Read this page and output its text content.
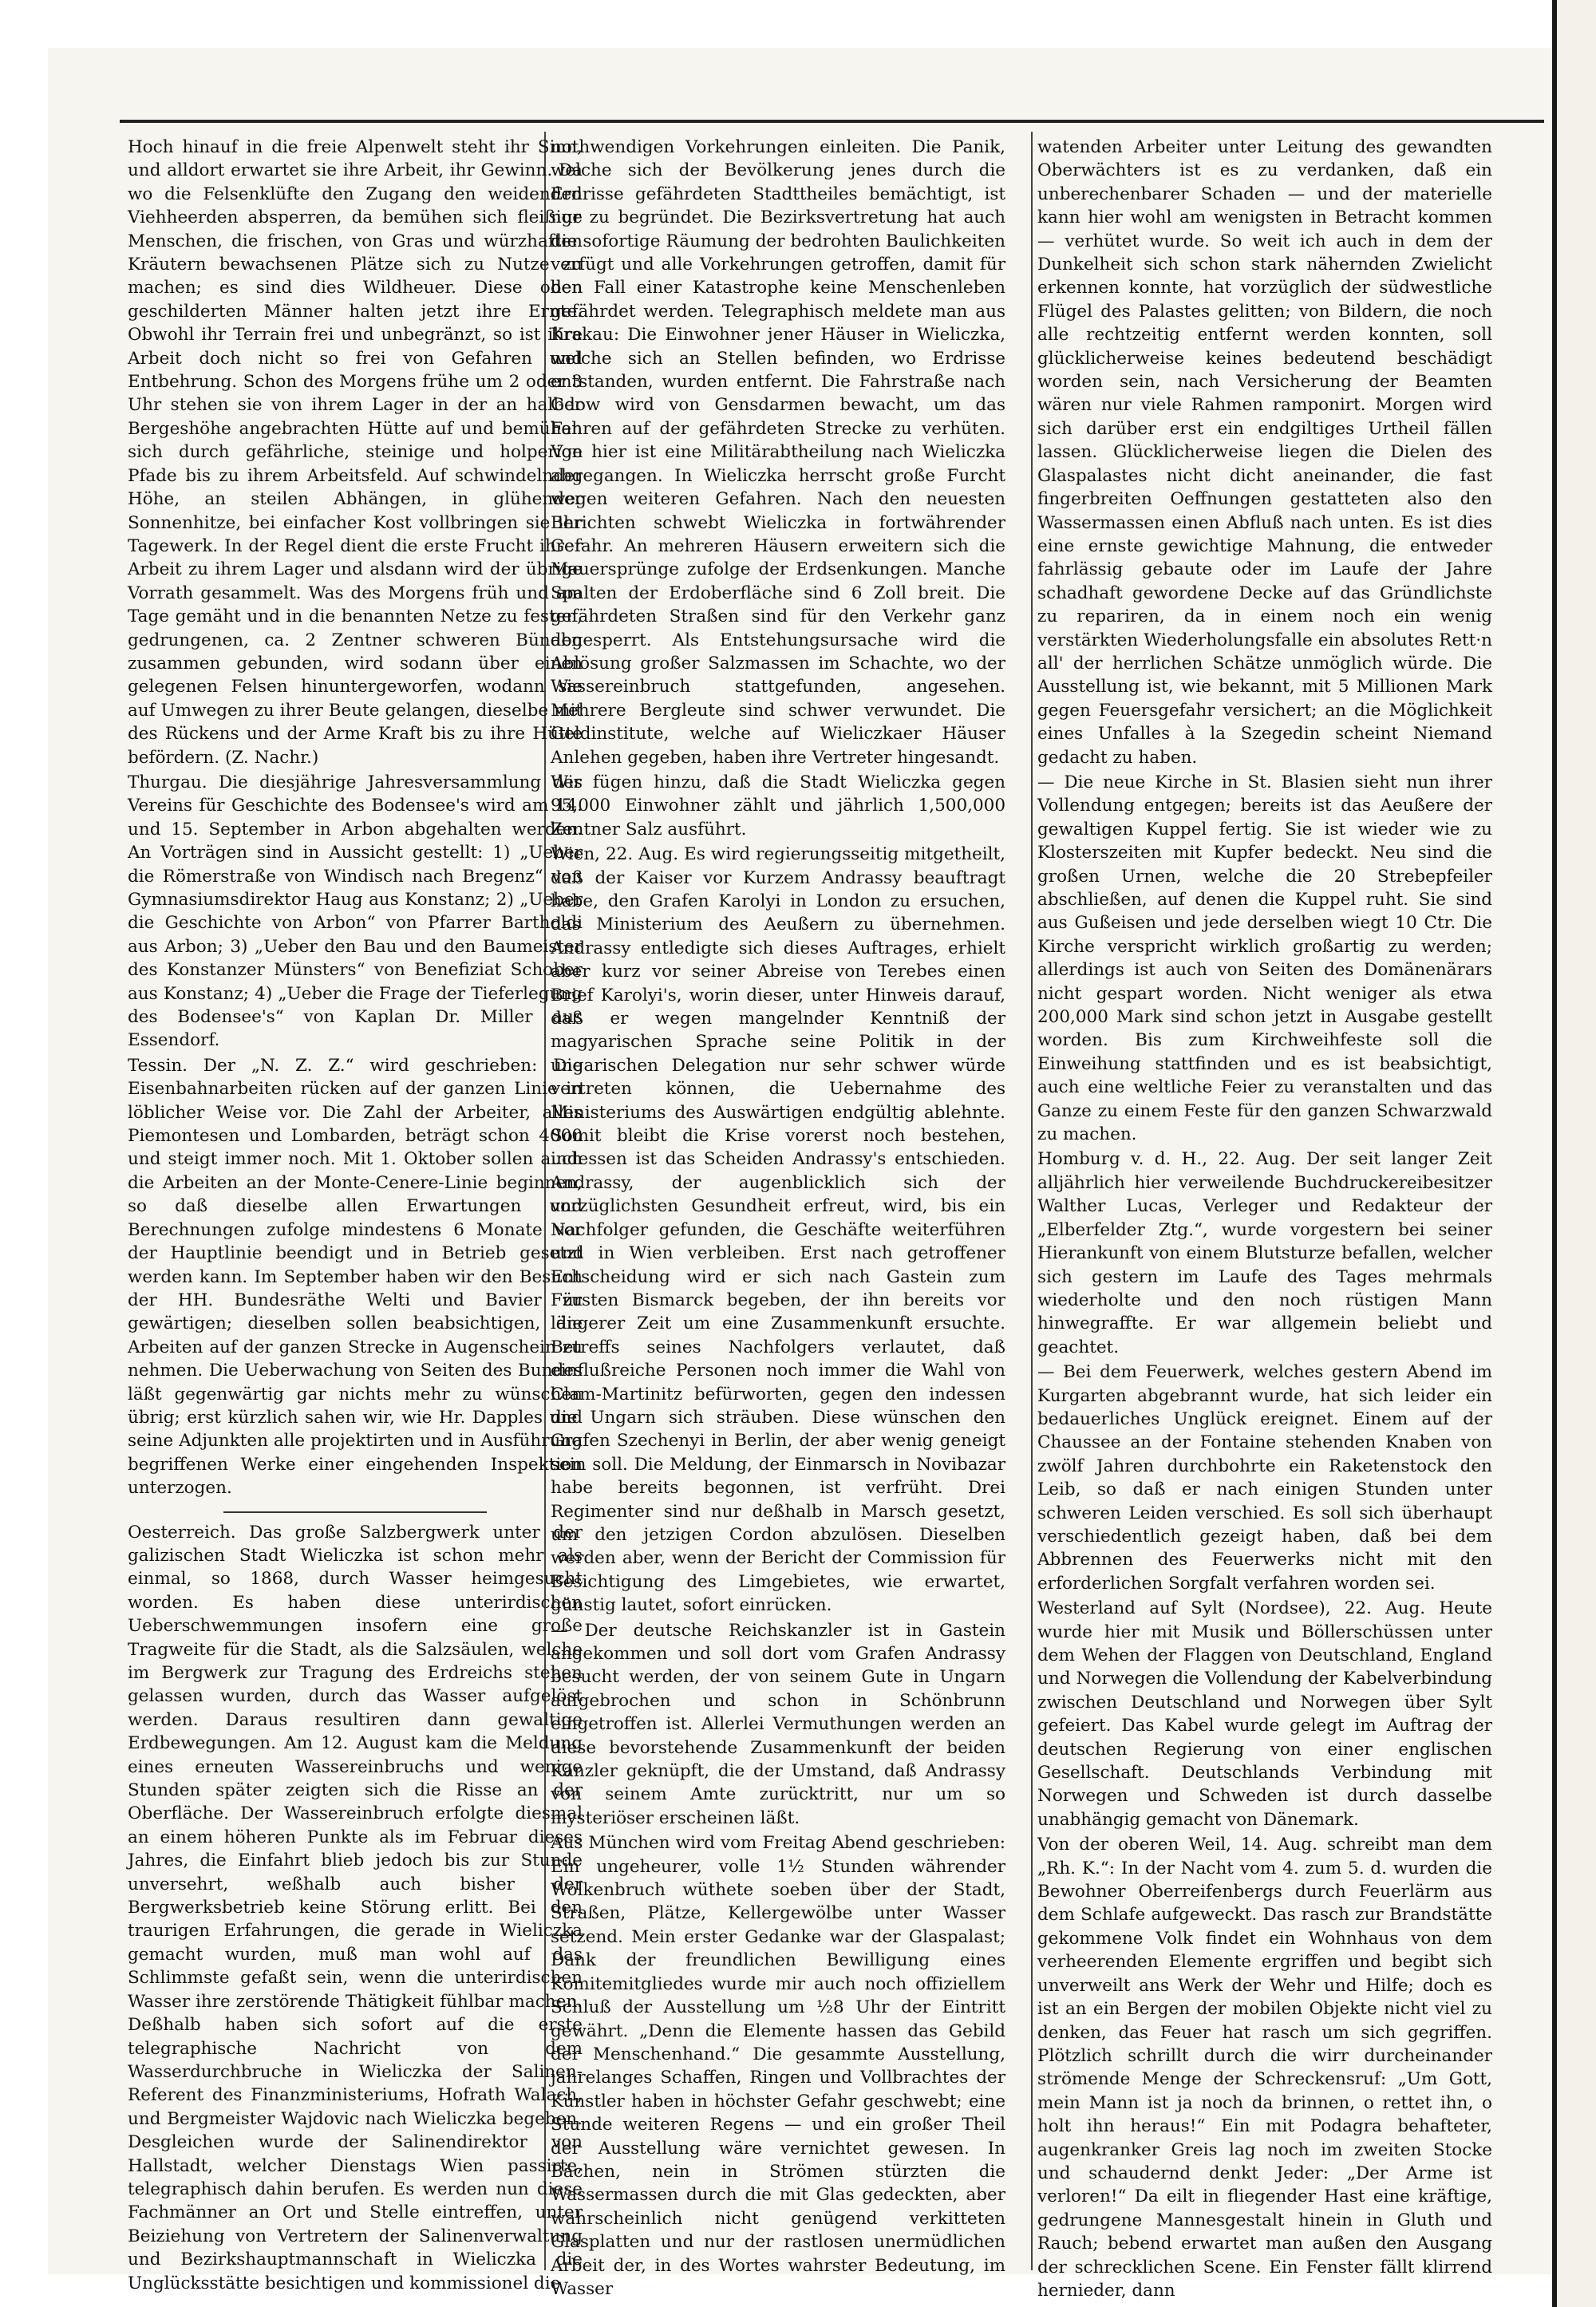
Hoch hinauf in die freie Alpenwelt steht ihr Sinn, und alldort erwartet sie ihre Arbeit, ihr Gewinn. Da wo die Felsenklüfte den Zugang den weidenden Viehheerden absperren, da bemühen sich fleißige Menschen, die frischen, von Gras und würzhaften Kräutern bewachsenen Plätze sich zu Nutze zu machen; es sind dies Wildheuer. Diese oben geschilderten Männer halten jetzt ihre Ernte. Obwohl ihr Terrain frei und unbegränzt, so ist ihre Arbeit doch nicht so frei von Gefahren und Entbehrung. Schon des Morgens frühe um 2 oder 3 Uhr stehen sie von ihrem Lager in der an halber Bergeshöhe angebrachten Hütte auf und bemühen sich durch gefährliche, steinige und holperige Pfade bis zu ihrem Arbeitsfeld. Auf schwindelnder Höhe, an steilen Abhängen, in glühender Sonnenhitze, bei einfacher Kost vollbringen sie ihr Tagewerk. In der Regel dient die erste Frucht ihrer Arbeit zu ihrem Lager und alsdann wird der übrige Vorrath gesammelt. Was des Morgens früh und am Tage gemäht und in die benannten Netze zu festen, gedrungenen, ca. 2 Zentner schweren Bünden zusammen gebunden, wird sodann über einen gelegenen Felsen hinuntergeworfen, wodann sie auf Umwegen zu ihrer Beute gelangen, dieselbe mit des Rückens und der Arme Kraft bis zu ihre Hütte befördern. (Z. Nachr.)

Thurgau. Die diesjährige Jahresversammlung des Vereins für Geschichte des Bodensee's wird am 14. und 15. September in Arbon abgehalten werden. An Vorträgen sind in Aussicht gestellt: 1) „Ueber die Römerstraße von Windisch nach Bregenz“ von Gymnasiumsdirektor Haug aus Konstanz; 2) „Ueber die Geschichte von Arbon“ von Pfarrer Bartholdi aus Arbon; 3) „Ueber den Bau und den Baumeister des Konstanzer Münsters“ von Benefiziat Schober aus Konstanz; 4) „Ueber die Frage der Tieferlegung des Bodensee's“ von Kaplan Dr. Miller aus Essendorf.

Tessin. Der „N. Z. Z.“ wird geschrieben: Die Eisenbahnarbeiten rücken auf der ganzen Linie in löblicher Weise vor. Die Zahl der Arbeiter, alles Piemontesen und Lombarden, beträgt schon 4000 und steigt immer noch. Mit 1. Oktober sollen auch die Arbeiten an der Monte-Cenere-Linie beginnen, so daß dieselbe allen Erwartungen und Berechnungen zufolge mindestens 6 Monate vor der Hauptlinie beendigt und in Betrieb gesetzt werden kann. Im September haben wir den Besuch der HH. Bundesräthe Welti und Bavier zu gewärtigen; dieselben sollen beabsichtigen, die Arbeiten auf der ganzen Strecke in Augenschein zu nehmen. Die Ueberwachung von Seiten des Bundes läßt gegenwärtig gar nichts mehr zu wünschen übrig; erst kürzlich sahen wir, wie Hr. Dapples und seine Adjunkten alle projektirten und in Ausführung begriffenen Werke einer eingehenden Inspektion unterzogen.

Oesterreich. Das große Salzbergwerk unter der galizischen Stadt Wieliczka ist schon mehr als einmal, so 1868, durch Wasser heimgesucht worden. Es haben diese unterirdischen Ueberschwemmungen insofern eine große Tragweite für die Stadt, als die Salzsäulen, welche im Bergwerk zur Tragung des Erdreichs stehen gelassen wurden, durch das Wasser aufgelöst werden. Daraus resultiren dann gewaltige Erdbewegungen. Am 12. August kam die Meldung eines erneuten Wassereinbruchs und wenige Stunden später zeigten sich die Risse an der Oberfläche. Der Wassereinbruch erfolgte diesmal an einem höheren Punkte als im Februar dieses Jahres, die Einfahrt blieb jedoch bis zur Stunde unversehrt, weßhalb auch bisher der Bergwerksbetrieb keine Störung erlitt. Bei den traurigen Erfahrungen, die gerade in Wieliczka gemacht wurden, muß man wohl auf das Schlimmste gefaßt sein, wenn die unterirdischen Wasser ihre zerstörende Thätigkeit fühlbar machen. Deßhalb haben sich sofort auf die erste telegraphische Nachricht von dem Wasserdurchbruche in Wieliczka der Salinen-Referent des Finanzministeriums, Hofrath Walach, und Bergmeister Wajdovic nach Wieliczka begeben. Desgleichen wurde der Salinendirektor von Hallstadt, welcher Dienstags Wien passirte, telegraphisch dahin berufen. Es werden nun diese Fachmänner an Ort und Stelle eintreffen, unter Beiziehung von Vertretern der Salinenverwaltung und Bezirkshauptmannschaft in Wieliczka die Unglücksstätte besichtigen und kommissionel die

nothwendigen Vorkehrungen einleiten. Die Panik, welche sich der Bevölkerung jenes durch die Erdrisse gefährdeten Stadttheiles bemächtigt, ist nur zu begründet. Die Bezirksvertretung hat auch die sofortige Räumung der bedrohten Baulichkeiten verfügt und alle Vorkehrungen getroffen, damit für den Fall einer Katastrophe keine Menschenleben gefährdet werden. Telegraphisch meldete man aus Krakau: Die Einwohner jener Häuser in Wieliczka, welche sich an Stellen befinden, wo Erdrisse entstanden, wurden entfernt. Die Fahrstraße nach Gdow wird von Gensdarmen bewacht, um das Fahren auf der gefährdeten Strecke zu verhüten. Von hier ist eine Militärabtheilung nach Wieliczka abgegangen. In Wieliczka herrscht große Furcht wegen weiteren Gefahren. Nach den neuesten Berichten schwebt Wieliczka in fortwährender Gefahr. An mehreren Häusern erweitern sich die Mauersprünge zufolge der Erdsenkungen. Manche Spalten der Erdoberfläche sind 6 Zoll breit. Die gefährdeten Straßen sind für den Verkehr ganz abgesperrt. Als Entstehungsursache wird die Ablösung großer Salzmassen im Schachte, wo der Wassereinbruch stattgefunden, angesehen. Mehrere Bergleute sind schwer verwundet. Die Geldinstitute, welche auf Wieliczkaer Häuser Anlehen gegeben, haben ihre Vertreter hingesandt.

Wir fügen hinzu, daß die Stadt Wieliczka gegen 95,000 Einwohner zählt und jährlich 1,500,000 Zentner Salz ausführt.

Wien, 22. Aug. Es wird regierungsseitig mitgetheilt, daß der Kaiser vor Kurzem Andrassy beauftragt habe, den Grafen Karolyi in London zu ersuchen, das Ministerium des Aeußern zu übernehmen. Andrassy entledigte sich dieses Auftrages, erhielt aber kurz vor seiner Abreise von Terebes einen Brief Karolyi's, worin dieser, unter Hinweis darauf, daß er wegen mangelnder Kenntniß der magyarischen Sprache seine Politik in der ungarischen Delegation nur sehr schwer würde vertreten können, die Uebernahme des Ministeriums des Auswärtigen endgültig ablehnte. Somit bleibt die Krise vorerst noch bestehen, indessen ist das Scheiden Andrassy's entschieden. Andrassy, der augenblicklich sich der vorzüglichsten Gesundheit erfreut, wird, bis ein Nachfolger gefunden, die Geschäfte weiterführen und in Wien verbleiben. Erst nach getroffener Entscheidung wird er sich nach Gastein zum Fürsten Bismarck begeben, der ihn bereits vor längerer Zeit um eine Zusammenkunft ersuchte. Betreffs seines Nachfolgers verlautet, daß einflußreiche Personen noch immer die Wahl von Clam-Martinitz befürworten, gegen den indessen die Ungarn sich sträuben. Diese wünschen den Grafen Szechenyi in Berlin, der aber wenig geneigt sein soll. Die Meldung, der Einmarsch in Novibazar habe bereits begonnen, ist verfrüht. Drei Regimenter sind nur deßhalb in Marsch gesetzt, um den jetzigen Cordon abzulösen. Dieselben werden aber, wenn der Bericht der Commission für Besichtigung des Limgebietes, wie erwartet, günstig lautet, sofort einrücken.

— Der deutsche Reichskanzler ist in Gastein angekommen und soll dort vom Grafen Andrassy besucht werden, der von seinem Gute in Ungarn aufgebrochen und schon in Schönbrunn eingetroffen ist. Allerlei Vermuthungen werden an diese bevorstehende Zusammenkunft der beiden Kanzler geknüpft, die der Umstand, daß Andrassy von seinem Amte zurücktritt, nur um so mysteriöser erscheinen läßt.

Aus München wird vom Freitag Abend geschrieben: Ein ungeheurer, volle 1½ Stunden währender Wolkenbruch wüthete soeben über der Stadt, Straßen, Plätze, Kellergewölbe unter Wasser setzend. Mein erster Gedanke war der Glaspalast; Dank der freundlichen Bewilligung eines Komitemitgliedes wurde mir auch noch offiziellem Schluß der Ausstellung um ½8 Uhr der Eintritt gewährt. „Denn die Elemente hassen das Gebild der Menschenhand.“ Die gesammte Ausstellung, jahrelanges Schaffen, Ringen und Vollbrachtes der Künstler haben in höchster Gefahr geschwebt; eine Stunde weiteren Regens — und ein großer Theil der Ausstellung wäre vernichtet gewesen. In Bächen, nein in Strömen stürzten die Wassermassen durch die mit Glas gedeckten, aber wahrscheinlich nicht genügend verkitteten Glasplatten und nur der rastlosen unermüdlichen Arbeit der, in des Wortes wahrster Bedeutung, im Wasser

watenden Arbeiter unter Leitung des gewandten Oberwächters ist es zu verdanken, daß ein unberechenbarer Schaden — und der materielle kann hier wohl am wenigsten in Betracht kommen — verhütet wurde. So weit ich auch in dem der Dunkelheit sich schon stark nähernden Zwielicht erkennen konnte, hat vorzüglich der südwestliche Flügel des Palastes gelitten; von Bildern, die noch alle rechtzeitig entfernt werden konnten, soll glücklicherweise keines bedeutend beschädigt worden sein, nach Versicherung der Beamten wären nur viele Rahmen ramponirt. Morgen wird sich darüber erst ein endgiltiges Urtheil fällen lassen. Glücklicherweise liegen die Dielen des Glaspalastes nicht dicht aneinander, die fast fingerbreiten Oeffnungen gestatteten also den Wassermassen einen Abfluß nach unten. Es ist dies eine ernste gewichtige Mahnung, die entweder fahrlässig gebaute oder im Laufe der Jahre schadhaft gewordene Decke auf das Gründlichste zu repariren, da in einem noch ein wenig verstärkten Wiederholungsfalle ein absolutes Rett·n all' der herrlichen Schätze unmöglich würde. Die Ausstellung ist, wie bekannt, mit 5 Millionen Mark gegen Feuersgefahr versichert; an die Möglichkeit eines Unfalles à la Szegedin scheint Niemand gedacht zu haben.

— Die neue Kirche in St. Blasien sieht nun ihrer Vollendung entgegen; bereits ist das Aeußere der gewaltigen Kuppel fertig. Sie ist wieder wie zu Klosterszeiten mit Kupfer bedeckt. Neu sind die großen Urnen, welche die 20 Strebepfeiler abschließen, auf denen die Kuppel ruht. Sie sind aus Gußeisen und jede derselben wiegt 10 Ctr. Die Kirche verspricht wirklich großartig zu werden; allerdings ist auch von Seiten des Domänenärars nicht gespart worden. Nicht weniger als etwa 200,000 Mark sind schon jetzt in Ausgabe gestellt worden. Bis zum Kirchweihfeste soll die Einweihung stattfinden und es ist beabsichtigt, auch eine weltliche Feier zu veranstalten und das Ganze zu einem Feste für den ganzen Schwarzwald zu machen.

Homburg v. d. H., 22. Aug. Der seit langer Zeit alljährlich hier verweilende Buchdruckereibesitzer Walther Lucas, Verleger und Redakteur der „Elberfelder Ztg.“, wurde vorgestern bei seiner Hierankunft von einem Blutsturze befallen, welcher sich gestern im Laufe des Tages mehrmals wiederholte und den noch rüstigen Mann hinwegraffte. Er war allgemein beliebt und geachtet.

— Bei dem Feuerwerk, welches gestern Abend im Kurgarten abgebrannt wurde, hat sich leider ein bedauerliches Unglück ereignet. Einem auf der Chaussee an der Fontaine stehenden Knaben von zwölf Jahren durchbohrte ein Raketenstock den Leib, so daß er nach einigen Stunden unter schweren Leiden verschied. Es soll sich überhaupt verschiedentlich gezeigt haben, daß bei dem Abbrennen des Feuerwerks nicht mit den erforderlichen Sorgfalt verfahren worden sei.

Westerland auf Sylt (Nordsee), 22. Aug. Heute wurde hier mit Musik und Böllerschüssen unter dem Wehen der Flaggen von Deutschland, England und Norwegen die Vollendung der Kabelverbindung zwischen Deutschland und Norwegen über Sylt gefeiert. Das Kabel wurde gelegt im Auftrag der deutschen Regierung von einer englischen Gesellschaft. Deutschlands Verbindung mit Norwegen und Schweden ist durch dasselbe unabhängig gemacht von Dänemark.

Von der oberen Weil, 14. Aug. schreibt man dem „Rh. K.“: In der Nacht vom 4. zum 5. d. wurden die Bewohner Oberreifenbergs durch Feuerlärm aus dem Schlafe aufgeweckt. Das rasch zur Brandstätte gekommene Volk findet ein Wohnhaus von dem verheerenden Elemente ergriffen und begibt sich unverweilt ans Werk der Wehr und Hilfe; doch es ist an ein Bergen der mobilen Objekte nicht viel zu denken, das Feuer hat rasch um sich gegriffen. Plötzlich schrillt durch die wirr durcheinander strömende Menge der Schreckensruf: „Um Gott, mein Mann ist ja noch da brinnen, o rettet ihn, o holt ihn heraus!“ Ein mit Podagra behafteter, augenkranker Greis lag noch im zweiten Stocke und schaudernd denkt Jeder: „Der Arme ist verloren!“ Da eilt in fliegender Hast eine kräftige, gedrungene Mannesgestalt hinein in Gluth und Rauch; bebend erwartet man außen den Ausgang der schrecklichen Scene. Ein Fenster fällt klirrend hernieder, dann
